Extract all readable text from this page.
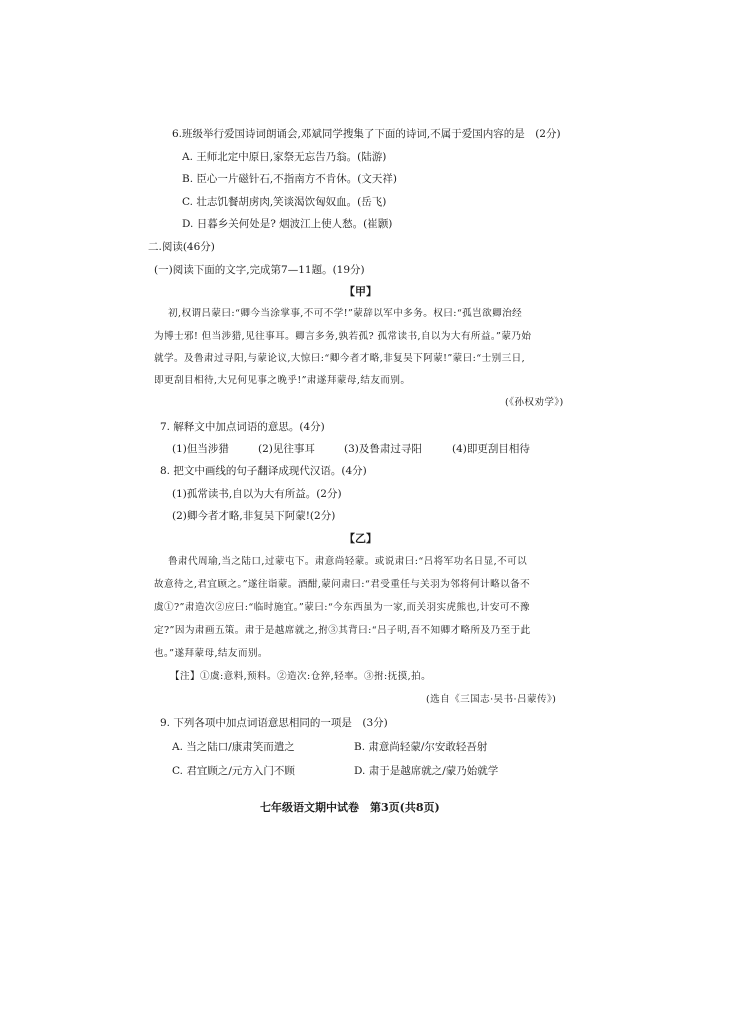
6.班级举行爱国诗词朗诵会,邓斌同学搜集了下面的诗词,不属于爱国内容的是　(2分)
A. 王师北定中原日,家祭无忘告乃翁。(陆游)
B. 臣心一片磁针石,不指南方不肯休。(文天祥)
C. 壮志饥餐胡虏肉,笑谈渴饮匈奴血。(岳飞)
D. 日暮乡关何处是? 烟波江上使人愁。(崔颢)
二.阅读(46分)
(一)阅读下面的文字,完成第7—11题。(19分)
【甲】
初,权谓吕蒙曰:“卿今当涂掌事,不可不学!”蒙辞以军中多务。权曰:“孤岂欲卿治经
为博士邪! 但当涉猎,见往事耳。卿言多务,孰若孤? 孤常读书,自以为大有所益。”蒙乃始
就学。及鲁肃过寻阳,与蒙论议,大惊曰:“卿今者才略,非复吴下阿蒙!”蒙曰:“士别三日,
即更刮目相待,大兄何见事之晚乎!”肃遂拜蒙母,结友而别。
(《孙权劝学》)
7. 解释文中加点词语的意思。(4分)
(1)但当涉猎	(2)见往事耳	(3)及鲁肃过寻阳	(4)即更刮目相待
8. 把文中画线的句子翻译成现代汉语。(4分)
(1)孤常读书,自以为大有所益。(2分)
(2)卿今者才略,非复吴下阿蒙!(2分)
【乙】
鲁肃代周瑜,当之陆口,过蒙屯下。肃意尚轻蒙。或说肃曰:“吕将军功名日显,不可以
故意待之,君宜顾之。”遂往诣蒙。酒酣,蒙问肃曰:“君受重任与关羽为邻将何计略以备不
虞①?”肃造次②应曰:“临时施宜。”蒙曰:“今东西虽为一家,而关羽实虎熊也,计安可不豫
定?”因为肃画五策。肃于是越席就之,拊③其背曰:“吕子明,吾不知卿才略所及乃至于此
也。”遂拜蒙母,结友而别。
【注】①虞:意料,预料。②造次:仓猝,轻率。③拊:抚摸,拍。
(选自《三国志·吴书·吕蒙传》)
9. 下列各项中加点词语意思相同的一项是　(3分)
A. 当之陆口/康肃笑而遣之	B. 肃意尚轻蒙/尔安敢轻吾射
C. 君宜顾之/元方入门不顾	D. 肃于是越席就之/蒙乃始就学
七年级语文期中试卷　第3页(共8页)
